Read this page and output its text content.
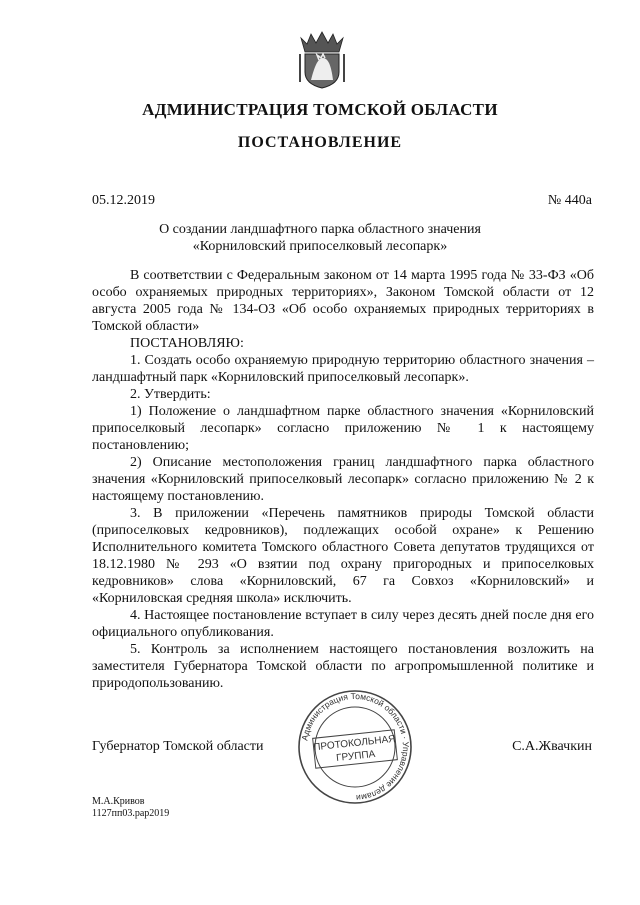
АДМИНИСТРАЦИЯ ТОМСКОЙ ОБЛАСТИ
ПОСТАНОВЛЕНИЕ
05.12.2019	№ 440а
О создании ландшафтного парка областного значения
«Корниловский припоселковый лесопарк»

В соответствии с Федеральным законом от 14 марта 1995 года № 33-ФЗ «Об особо охраняемых природных территориях», Законом Томской области от 12 августа 2005 года № 134-ОЗ «Об особо охраняемых природных территориях в Томской области»

ПОСТАНОВЛЯЮ:

1. Создать особо охраняемую природную территорию областного значения – ландшафтный парк «Корниловский припоселковый лесопарк».

2. Утвердить:

1) Положение о ландшафтном парке областного значения «Корниловский припоселковый лесопарк» согласно приложению № 1 к настоящему постановлению;

2) Описание местоположения границ ландшафтного парка областного значения «Корниловский припоселковый лесопарк» согласно приложению № 2 к настоящему постановлению.

3. В приложении «Перечень памятников природы Томской области (припоселковых кедровников), подлежащих особой охране» к Решению Исполнительного комитета Томского областного Совета депутатов трудящихся от 18.12.1980 № 293 «О взятии под охрану пригородных и припоселковых кедровников» слова «Корниловский, 67 га Совхоз «Корниловский» и «Корниловская средняя школа» исключить.

4. Настоящее постановление вступает в силу через десять дней после дня его официального опубликования.

5. Контроль за исполнением настоящего постановления возложить на заместителя Губернатора Томской области по агропромышленной политике и природопользованию.

Губернатор Томской области
Администрация Томской области · Управление делами
ПРОТОКОЛЬНАЯ
ГРУППА
С.А.Жвачкин
М.А.Кривов
1127пп03.рар2019
